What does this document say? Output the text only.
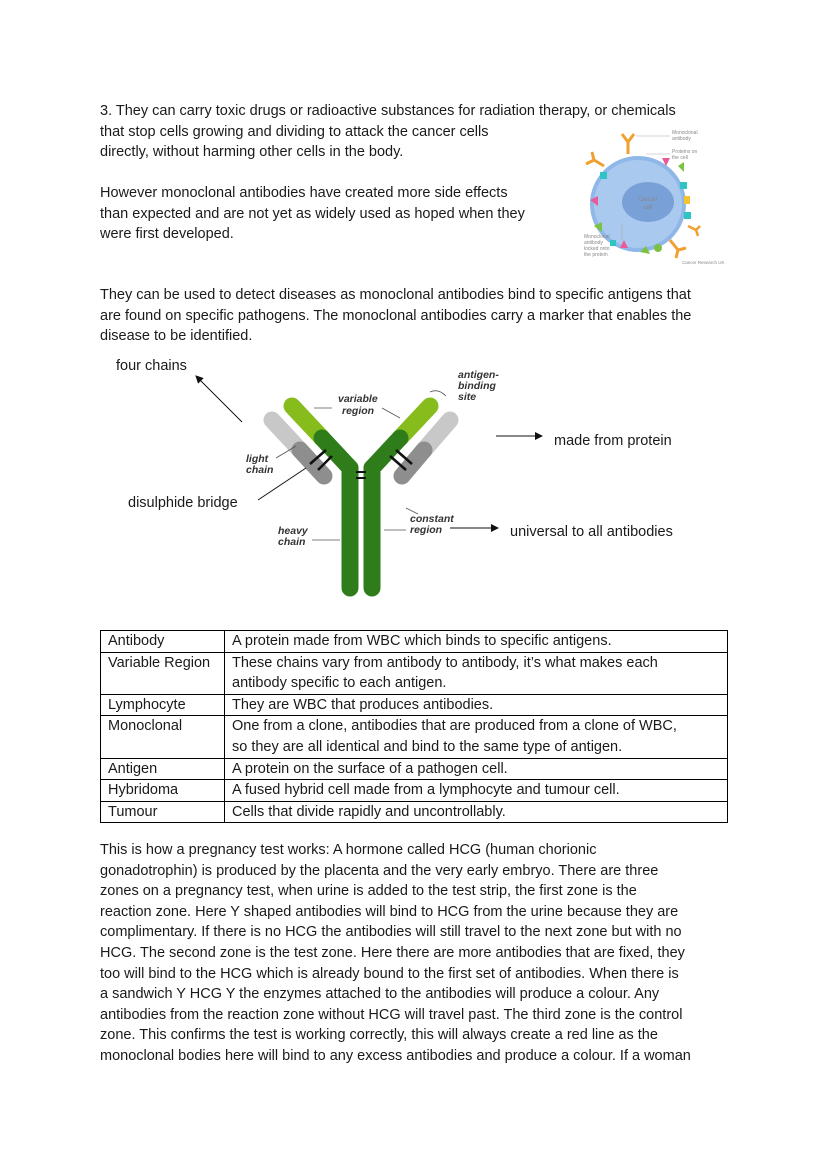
3. They can carry toxic drugs or radioactive substances for radiation therapy, or chemicals
that stop cells growing and dividing to attack the cancer cells
directly, without harming other cells in the body.
However monoclonal antibodies have created more side effects
than expected and are not yet as widely used as hoped when they
were first developed.
Cancer
cell
Monoclonal
antibody
Proteins on
the cell
Monoclonal
antibody
locked onto
the protein
Cancer Research UK
They can be used to detect diseases as monoclonal antibodies bind to specific antigens that
are found on specific pathogens. The monoclonal antibodies carry a marker that enables the
disease to be identified.
four chains
variable
region
antigen-
binding
site
light
chain
disulphide bridge
heavy
chain
constant
region
made from protein
universal to all antibodies
Antibody	A protein made from WBC which binds to specific antigens.

Variable Region	These chains vary from antibody to antibody, it’s what makes each
antibody specific to each antigen.

Lymphocyte	They are WBC that produces antibodies.

Monoclonal	One from a clone, antibodies that are produced from a clone of WBC,
so they are all identical and bind to the same type of antigen.

Antigen	A protein on the surface of a pathogen cell.

Hybridoma	A fused hybrid cell made from a lymphocyte and tumour cell.

Tumour	Cells that divide rapidly and uncontrollably.
This is how a pregnancy test works: A hormone called HCG (human chorionic
gonadotrophin) is produced by the placenta and the very early embryo. There are three
zones on a pregnancy test, when urine is added to the test strip, the first zone is the
reaction zone. Here Y shaped antibodies will bind to HCG from the urine because they are
complimentary. If there is no HCG the antibodies will still travel to the next zone but with no
HCG. The second zone is the test zone. Here there are more antibodies that are fixed, they
too will bind to the HCG which is already bound to the first set of antibodies. When there is
a sandwich Y HCG Y the enzymes attached to the antibodies will produce a colour. Any
antibodies from the reaction zone without HCG will travel past. The third zone is the control
zone. This confirms the test is working correctly, this will always create a red line as the
monoclonal bodies here will bind to any excess antibodies and produce a colour. If a woman
